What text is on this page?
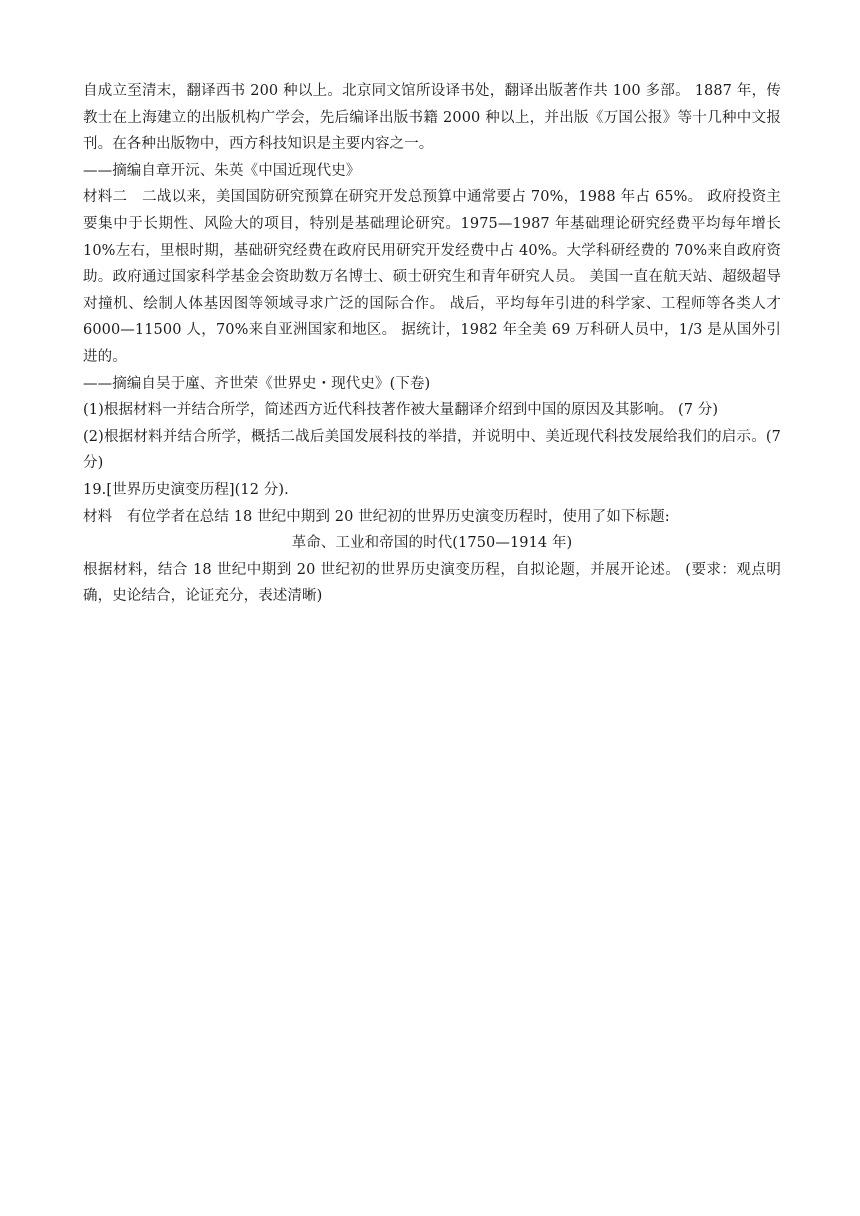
自成立至清末，翻译西书 200 种以上。北京同文馆所设译书处，翻译出版著作共 100 多部。 1887 年，传教士在上海建立的出版机构广学会，先后编译出版书籍 2000 种以上，并出版《万国公报》等十几种中文报刊。在各种出版物中，西方科技知识是主要内容之一。

——摘编自章开沅、朱英《中国近现代史》

材料二　二战以来，美国国防研究预算在研究开发总预算中通常要占 70%，1988 年占 65%。 政府投资主要集中于长期性、风险大的项目，特别是基础理论研究。1975—1987 年基础理论研究经费平均每年增长 10%左右，里根时期，基础研究经费在政府民用研究开发经费中占 40%。大学科研经费的 70%来自政府资助。政府通过国家科学基金会资助数万名博士、硕士研究生和青年研究人员。 美国一直在航天站、超级超导对撞机、绘制人体基因图等领域寻求广泛的国际合作。 战后，平均每年引进的科学家、工程师等各类人才 6000—11500 人，70%来自亚洲国家和地区。 据统计，1982 年全美 69 万科研人员中，1/3 是从国外引进的。

——摘编自吴于廑、齐世荣《世界史・现代史》(下卷)

(1)根据材料一并结合所学，简述西方近代科技著作被大量翻译介绍到中国的原因及其影响。 (7 分)

(2)根据材料并结合所学，概括二战后美国发展科技的举措，并说明中、美近现代科技发展给我们的启示。(7 分)

19.[世界历史演变历程](12 分).

材料　有位学者在总结 18 世纪中期到 20 世纪初的世界历史演变历程时，使用了如下标题:

革命、工业和帝国的时代(1750—1914 年)

根据材料，结合 18 世纪中期到 20 世纪初的世界历史演变历程，自拟论题，并展开论述。 (要求：观点明确，史论结合，论证充分，表述清晰)
